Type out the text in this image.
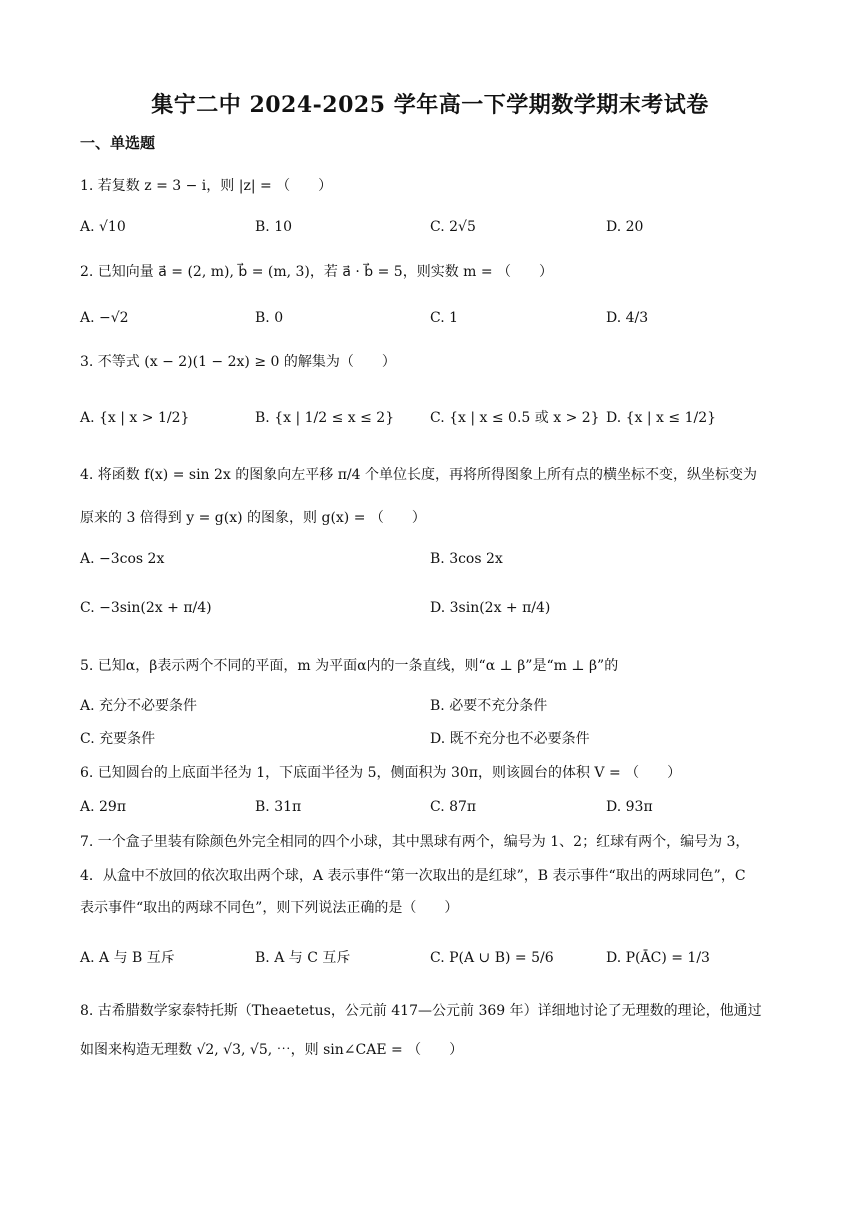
集宁二中 2024-2025 学年高一下学期数学期末考试卷
一、单选题
1. 若复数 z = 3 − i，则 |z| = （　　）
A. √10	B. 10	C. 2√5	D. 20
2. 已知向量 a⃗ = (2, m), b⃗ = (m, 3)，若 a⃗ · b⃗ = 5，则实数 m = （　　）
A. −√2	B. 0	C. 1	D. 4/3
3. 不等式 (x − 2)(1 − 2x) ≥ 0 的解集为（　　）
A. {x | x > 1/2}	B. {x | 1/2 ≤ x ≤ 2}	C. {x | x ≤ 0.5 或 x > 2} D. {x | x ≤ 1/2}
4. 将函数 f(x) = sin 2x 的图象向左平移 π/4 个单位长度，再将所得图象上所有点的横坐标不变，纵坐标变为
原来的 3 倍得到 y = g(x) 的图象，则 g(x) = （　　）
A. −3cos 2x	B. 3cos 2x
C. −3sin(2x + π/4)	D. 3sin(2x + π/4)
5. 已知α，β表示两个不同的平面，m 为平面α内的一条直线，则“α ⊥ β”是“m ⊥ β”的
A. 充分不必要条件	B. 必要不充分条件
C. 充要条件	D. 既不充分也不必要条件
6. 已知圆台的上底面半径为 1，下底面半径为 5，侧面积为 30π，则该圆台的体积 V = （　　）
A. 29π	B. 31π	C. 87π	D. 93π
7. 一个盒子里装有除颜色外完全相同的四个小球，其中黑球有两个，编号为 1、2；红球有两个，编号为 3，
4．从盒中不放回的依次取出两个球，A 表示事件“第一次取出的是红球”，B 表示事件“取出的两球同色”，C
表示事件“取出的两球不同色”，则下列说法正确的是（　　）
A. A 与 B 互斥	B. A 与 C 互斥	C. P(A ∪ B) = 5/6	D. P(ĀC) = 1/3
8. 古希腊数学家泰特托斯（Theaetetus，公元前 417—公元前 369 年）详细地讨论了无理数的理论，他通过
如图来构造无理数 √2, √3, √5, ⋯，则 sin∠CAE = （　　）
